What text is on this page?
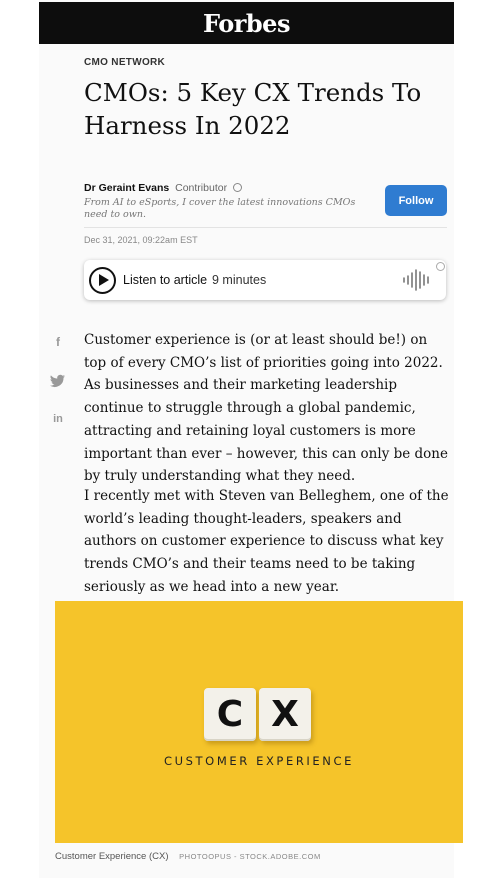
Forbes
CMO NETWORK
CMOs: 5 Key CX Trends To Harness In 2022
Dr Geraint Evans Contributor
From AI to eSports, I cover the latest innovations CMOs need to own.
Follow
Dec 31, 2021, 09:22am EST
Listen to article 9 minutes
f
in

Customer experience is (or at least should be!) on top of every CMO’s list of priorities going into 2022. As businesses and their marketing leadership continue to struggle through a global pandemic, attracting and retaining loyal customers is more important than ever – however, this can only be done by truly understanding what they need.

I recently met with Steven van Belleghem, one of the world’s leading thought-leaders, speakers and authors on customer experience to discuss what key trends CMO’s and their teams need to be taking seriously as we head into a new year.

C X
CUSTOMER EXPERIENCE
Customer Experience (CX) PHOTOOPUS - STOCK.ADOBE.COM
